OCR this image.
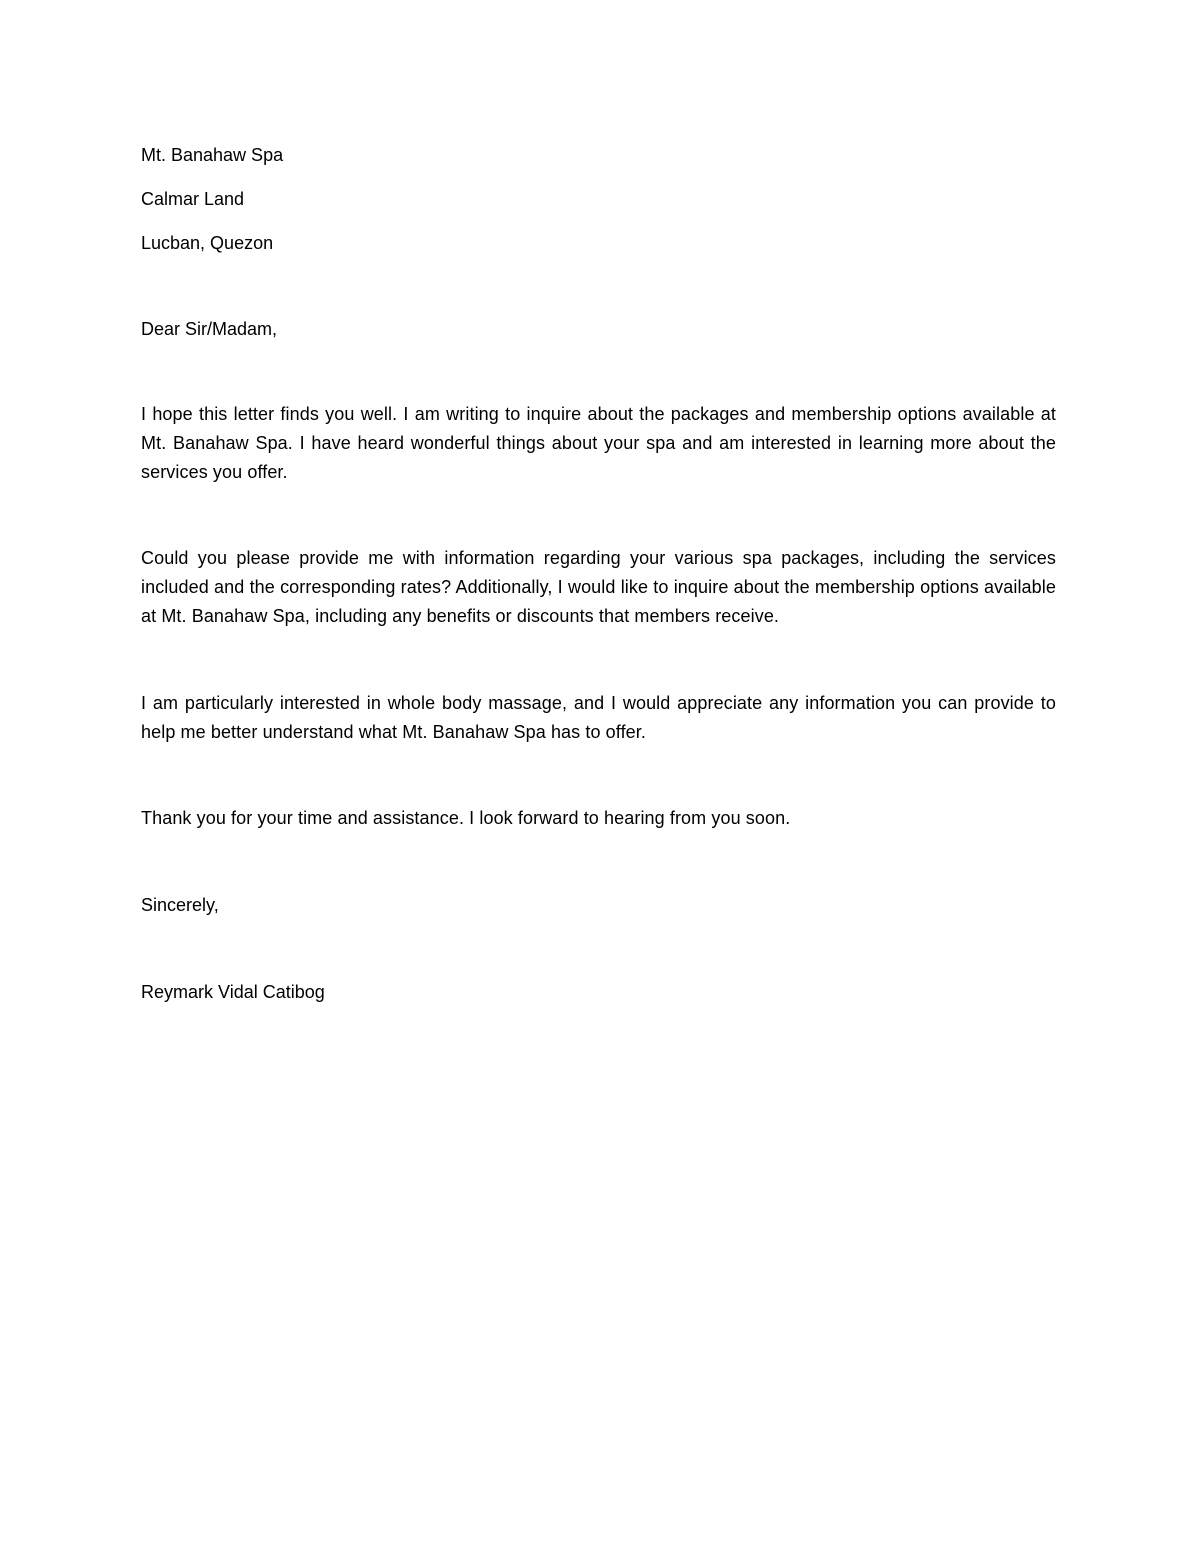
Mt. Banahaw Spa

Calmar Land

Lucban, Quezon

Dear Sir/Madam,

I hope this letter finds you well. I am writing to inquire about the packages and membership options available at Mt. Banahaw Spa. I have heard wonderful things about your spa and am interested in learning more about the services you offer.

Could you please provide me with information regarding your various spa packages, including the services included and the corresponding rates? Additionally, I would like to inquire about the membership options available at Mt. Banahaw Spa, including any benefits or discounts that members receive.

I am particularly interested in whole body massage, and I would appreciate any information you can provide to help me better understand what Mt. Banahaw Spa has to offer.

Thank you for your time and assistance. I look forward to hearing from you soon.

Sincerely,

Reymark Vidal Catibog
